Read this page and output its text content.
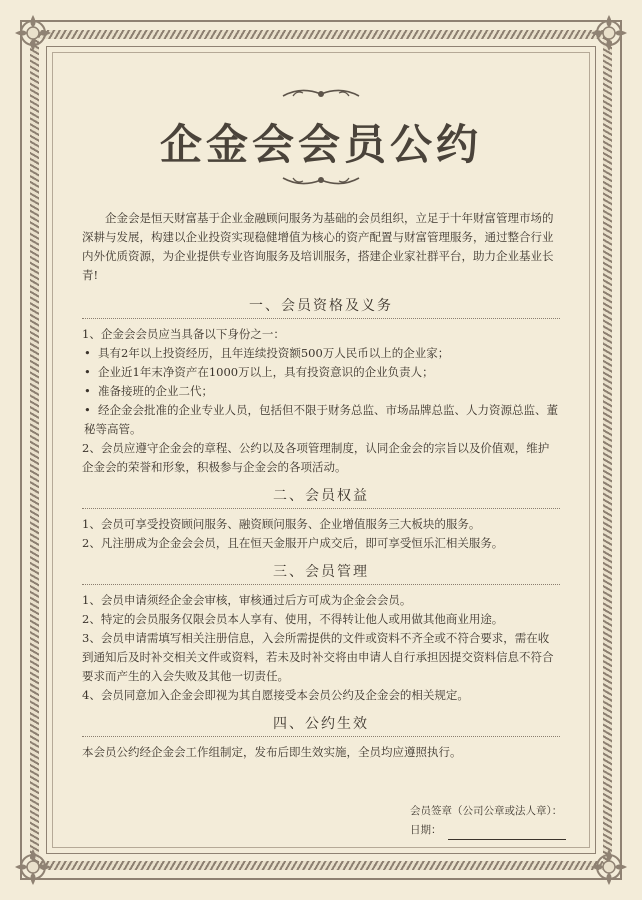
企金会会员公约

企金会是恒天财富基于企业金融顾问服务为基础的会员组织，立足于十年财富管理市场的深耕与发展，构建以企业投资实现稳健增值为核心的资产配置与财富管理服务，通过整合行业内外优质资源，为企业提供专业咨询服务及培训服务，搭建企业家社群平台，助力企业基业长青!

一、会员资格及义务

1、企金会会员应当具备以下身份之一：

• 具有2年以上投资经历，且年连续投资额500万人民币以上的企业家；

• 企业近1年末净资产在1000万以上，具有投资意识的企业负责人；

• 准备接班的企业二代；

• 经企金会批准的企业专业人员，包括但不限于财务总监、市场品牌总监、人力资源总监、董秘等高管。

2、会员应遵守企金会的章程、公约以及各项管理制度，认同企金会的宗旨以及价值观，维护企金会的荣誉和形象，积极参与企金会的各项活动。

二、会员权益

1、会员可享受投资顾问服务、融资顾问服务、企业增值服务三大板块的服务。

2、凡注册成为企金会会员，且在恒天金服开户成交后，即可享受恒乐汇相关服务。

三、会员管理

1、会员申请须经企金会审核，审核通过后方可成为企金会会员。

2、特定的会员服务仅限会员本人享有、使用，不得转让他人或用做其他商业用途。

3、会员申请需填写相关注册信息，入会所需提供的文件或资料不齐全或不符合要求，需在收到通知后及时补交相关文件或资料，若未及时补交将由申请人自行承担因提交资料信息不符合要求而产生的入会失败及其他一切责任。

4、会员同意加入企金会即视为其自愿接受本会员公约及企金会的相关规定。

四、公约生效

本会员公约经企金会工作组制定，发布后即生效实施，全员均应遵照执行。

会员签章（公司公章或法人章）：
日期：
